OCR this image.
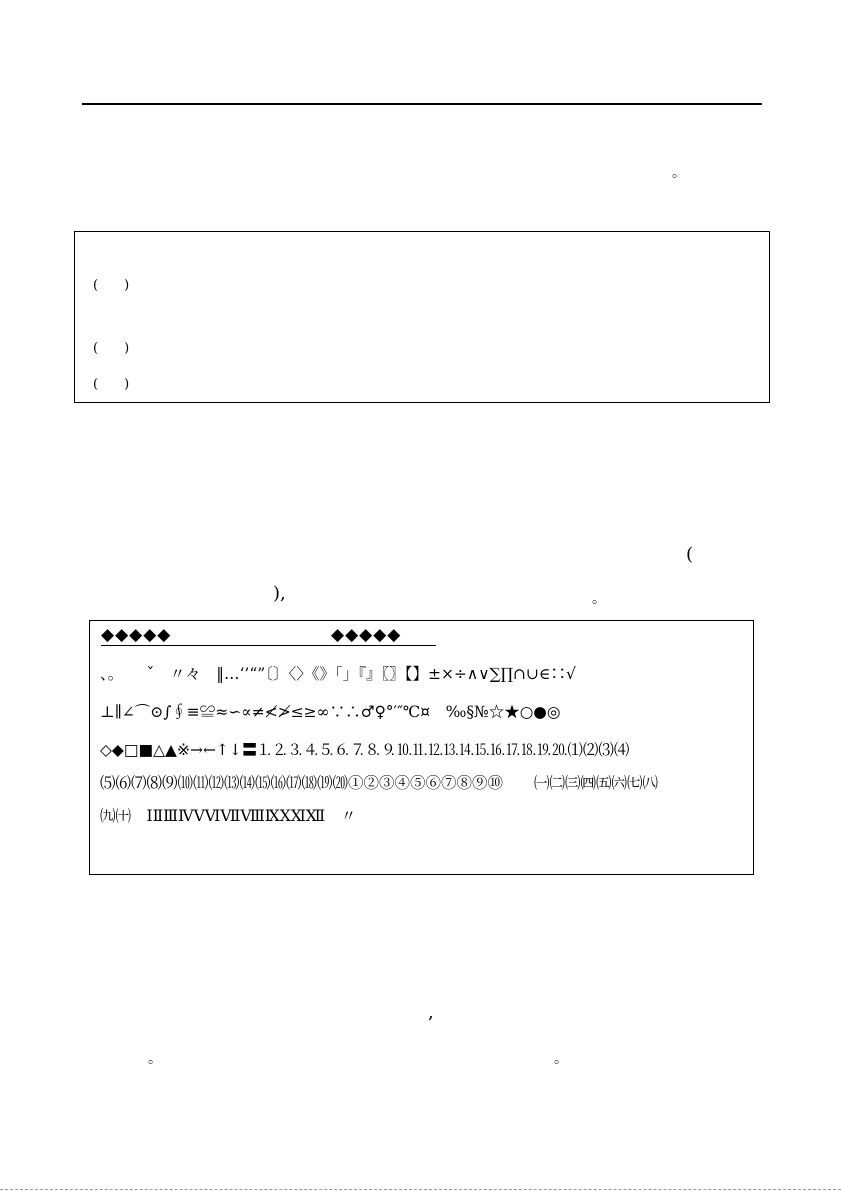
。
(　　)
(　　)
(　　)
(
),	。
◆◆◆◆◆	◆◆◆◆◆
、。　　ˇ　〃々　‖…‘’“”〔〕〈〉《》「」『』〖〗【】±×÷∧∨∑∏∩∪∈∷√
⊥∥∠⌒⊙∫∮≡≌≈∽∝≠≮≯≤≥∞∵∴♂♀°′″℃¤　‰§№☆★○●◎
◇◆□■△▲※→←↑↓〓⒈⒉⒊⒋⒌⒍⒎⒏⒐⒑⒒⒓⒔⒕⒖⒗⒘⒙⒚⒛⑴⑵⑶⑷
⑸⑹⑺⑻⑼⑽⑾⑿⒀⒁⒂⒃⒄⒅⒆⒇①②③④⑤⑥⑦⑧⑨⑩　　㈠㈡㈢㈣㈤㈥㈦㈧
㈨㈩　ⅠⅡⅢⅣⅤⅥⅦⅧⅨⅩⅪⅫ　〃
,
。	。
